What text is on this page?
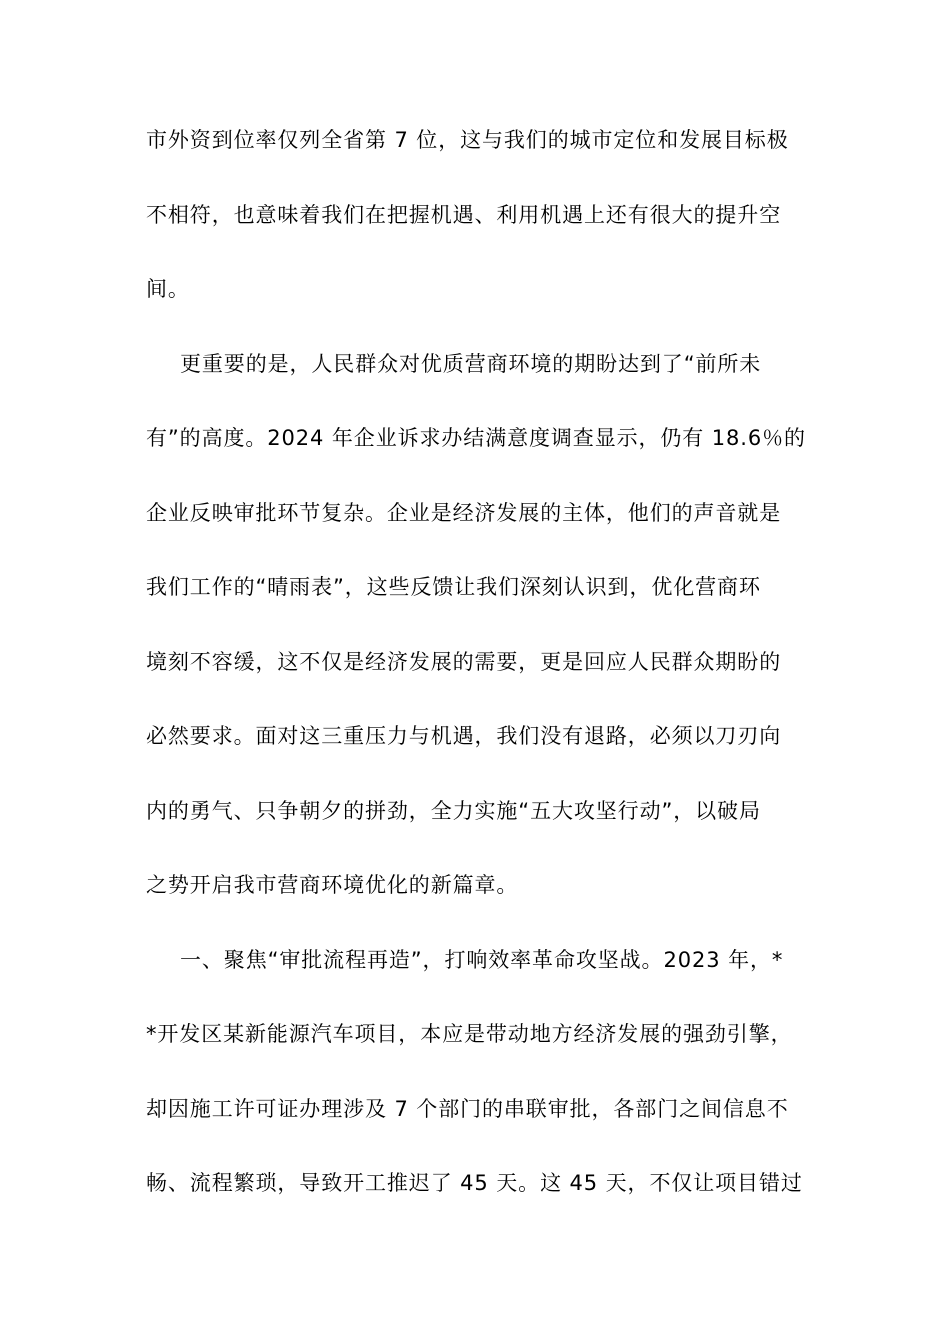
市外资到位率仅列全省第 7 位，这与我们的城市定位和发展目标极
不相符，也意味着我们在把握机遇、利用机遇上还有很大的提升空
间。
更重要的是，人民群众对优质营商环境的期盼达到了“前所未
有”的高度。2024 年企业诉求办结满意度调查显示，仍有 18.6％的
企业反映审批环节复杂。企业是经济发展的主体，他们的声音就是
我们工作的“晴雨表”，这些反馈让我们深刻认识到，优化营商环
境刻不容缓，这不仅是经济发展的需要，更是回应人民群众期盼的
必然要求。面对这三重压力与机遇，我们没有退路，必须以刀刃向
内的勇气、只争朝夕的拼劲，全力实施“五大攻坚行动”，以破局
之势开启我市营商环境优化的新篇章。
一、聚焦“审批流程再造”，打响效率革命攻坚战。2023 年，*
*开发区某新能源汽车项目，本应是带动地方经济发展的强劲引擎，
却因施工许可证办理涉及 7 个部门的串联审批，各部门之间信息不
畅、流程繁琐，导致开工推迟了 45 天。这 45 天，不仅让项目错过
